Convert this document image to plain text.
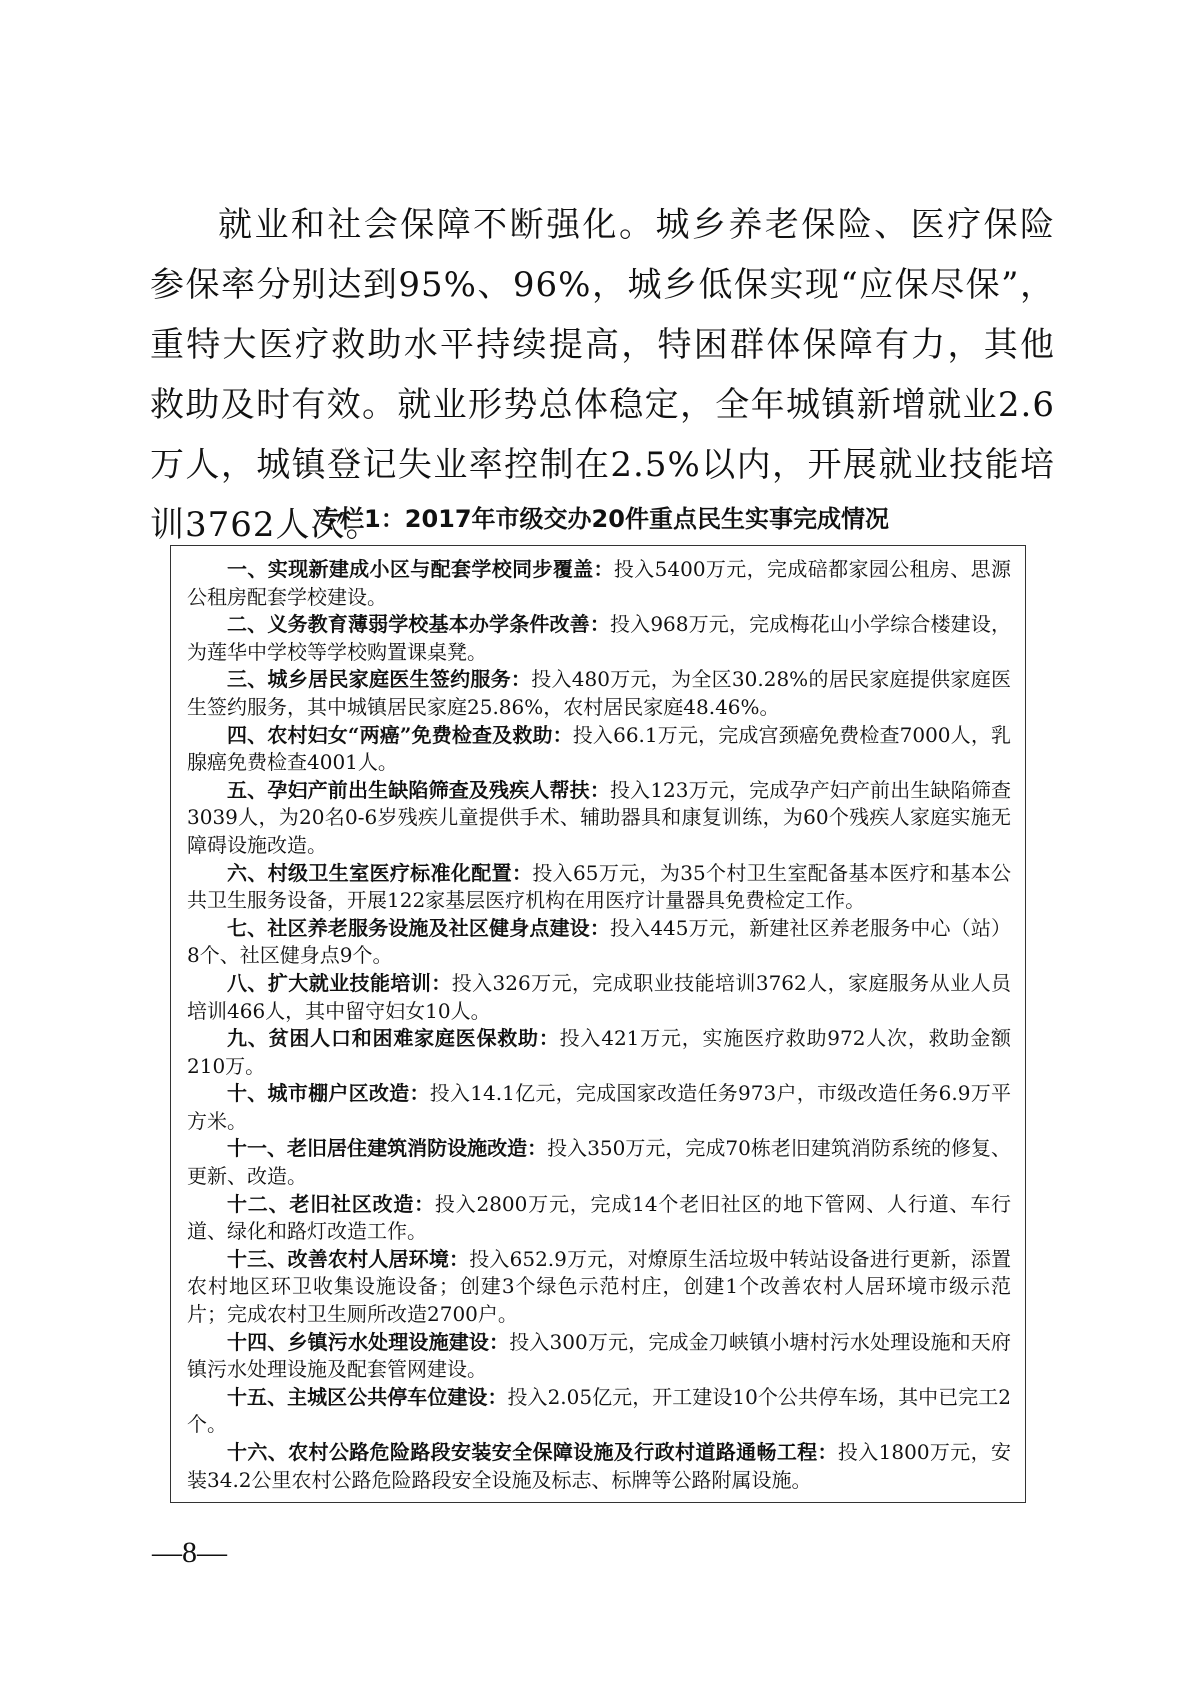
就业和社会保障不断强化。城乡养老保险、医疗保险参保率分别达到95%、96%，城乡低保实现“应保尽保”，重特大医疗救助水平持续提高，特困群体保障有力，其他救助及时有效。就业形势总体稳定，全年城镇新增就业2.6万人，城镇登记失业率控制在2.5%以内，开展就业技能培训3762人次。

专栏1：2017年市级交办20件重点民生实事完成情况

一、实现新建成小区与配套学校同步覆盖：投入5400万元，完成碚都家园公租房、思源公租房配套学校建设。

二、义务教育薄弱学校基本办学条件改善：投入968万元，完成梅花山小学综合楼建设，为莲华中学校等学校购置课桌凳。

三、城乡居民家庭医生签约服务：投入480万元，为全区30.28%的居民家庭提供家庭医生签约服务，其中城镇居民家庭25.86%，农村居民家庭48.46%。

四、农村妇女“两癌”免费检查及救助：投入66.1万元，完成宫颈癌免费检查7000人，乳腺癌免费检查4001人。

五、孕妇产前出生缺陷筛查及残疾人帮扶：投入123万元，完成孕产妇产前出生缺陷筛查3039人，为20名0-6岁残疾儿童提供手术、辅助器具和康复训练，为60个残疾人家庭实施无障碍设施改造。

六、村级卫生室医疗标准化配置：投入65万元，为35个村卫生室配备基本医疗和基本公共卫生服务设备，开展122家基层医疗机构在用医疗计量器具免费检定工作。

七、社区养老服务设施及社区健身点建设：投入445万元，新建社区养老服务中心（站）8个、社区健身点9个。

八、扩大就业技能培训：投入326万元，完成职业技能培训3762人，家庭服务从业人员培训466人，其中留守妇女10人。

九、贫困人口和困难家庭医保救助：投入421万元，实施医疗救助972人次，救助金额210万。

十、城市棚户区改造：投入14.1亿元，完成国家改造任务973户，市级改造任务6.9万平方米。

十一、老旧居住建筑消防设施改造：投入350万元，完成70栋老旧建筑消防系统的修复、更新、改造。

十二、老旧社区改造：投入2800万元，完成14个老旧社区的地下管网、人行道、车行道、绿化和路灯改造工作。

十三、改善农村人居环境：投入652.9万元，对燎原生活垃圾中转站设备进行更新，添置农村地区环卫收集设施设备；创建3个绿色示范村庄，创建1个改善农村人居环境市级示范片；完成农村卫生厕所改造2700户。

十四、乡镇污水处理设施建设：投入300万元，完成金刀峡镇小塘村污水处理设施和天府镇污水处理设施及配套管网建设。

十五、主城区公共停车位建设：投入2.05亿元，开工建设10个公共停车场，其中已完工2个。

十六、农村公路危险路段安装安全保障设施及行政村道路通畅工程：投入1800万元，安装34.2公里农村公路危险路段安全设施及标志、标牌等公路附属设施。

—8—
